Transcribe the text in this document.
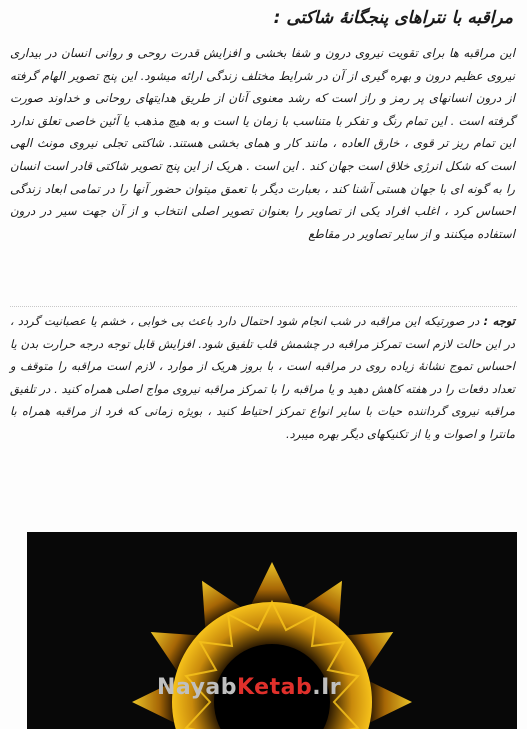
مراقبه با نتراهای پنجگانهٔ شاکتی :
این مراقبه ها برای تقویت نیروی درون و شفا بخشی و افزایش قدرت روحی و روانی انسان در بیداری نیروی عظیم درون و بهره گیری از آن در شرایط مختلف زندگی ارائه میشود. این پنج تصویر الهام گرفته از درون انسانهای پر رمز و راز است که رشد معنوی آنان از طریق هدایتهای روحانی و خداوند صورت گرفته است . این تمام رنگ و تفکر با متناسب با زمان یا است و به هیچ مذهب یا آئین خاصی تعلق ندارد این تمام ریز تر قوی ، خارق العاده ، مانند کار و همای بخشی هستند. شاکتی تجلی نیروی مونث الهی است که شکل انرژی خلاق است جهان کند . این است . هریک از این پنج تصویر شاکتی قادر است انسان را به گونه ای با جهان هستی آشنا کند ، بعبارت دیگر با تعمق میتوان حضور آنها را در تمامی ابعاد زندگی احساس کرد ، اغلب افراد یکی از تصاویر را بعنوان تصویر اصلی انتخاب و از آن جهت سیر در درون استفاده میکنند و از سایر تصاویر در مقاطع
توجه : در صورتیکه این مراقبه در شب انجام شود احتمال دارد باعث بی خوابی ، خشم یا عصبانیت گردد ، در این حالت لازم است تمرکز مراقبه در چشمش قلب تلفیق شود. افزایش قابل توجه درجه حرارت بدن یا احساس تموج نشانهٔ زیاده روی در مراقبه است ، با بروز هریک از موارد ، لازم است مراقبه را متوقف و تعداد دفعات را در هفته کاهش دهید و یا مراقبه را با تمرکز مراقبه نیروی مواج اصلی همراه کنید . در تلفیق مراقبه نیروی گرداننده حیات با سایر انواع تمرکز احتیاط کنید ، بویژه زمانی که فرد از مراقبه همراه با مانترا و اصوات و یا از تکنیکهای دیگر بهره میبرد.
NayabKetab.Ir
